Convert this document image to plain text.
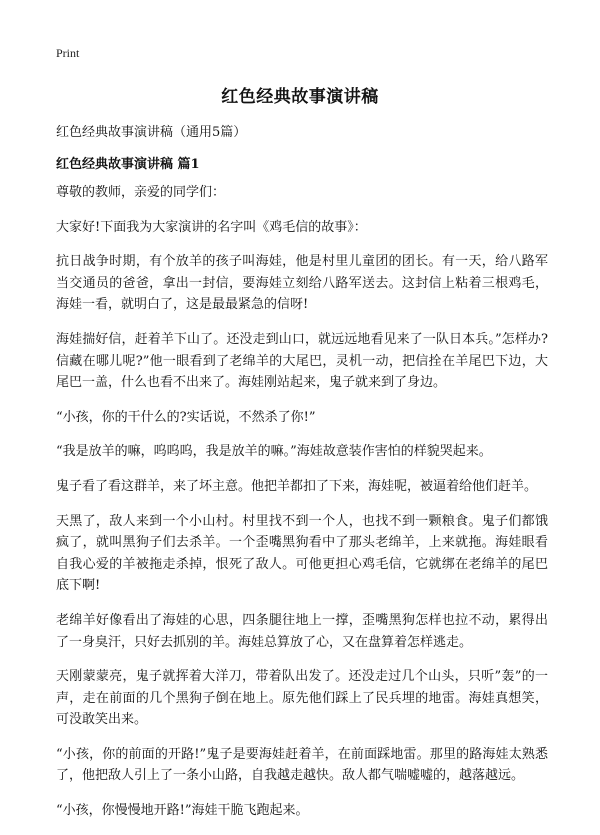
Print
红色经典故事演讲稿
红色经典故事演讲稿（通用5篇）
红色经典故事演讲稿 篇1

尊敬的教师，亲爱的同学们：

大家好!下面我为大家演讲的名字叫《鸡毛信的故事》：

抗日战争时期，有个放羊的孩子叫海娃，他是村里儿童团的团长。有一天，给八路军当交通员的爸爸，拿出一封信，要海娃立刻给八路军送去。这封信上粘着三根鸡毛，海娃一看，就明白了，这是最最紧急的信呀!

海娃揣好信，赶着羊下山了。还没走到山口，就远远地看见来了一队日本兵。”怎样办?信藏在哪儿呢?”他一眼看到了老绵羊的大尾巴，灵机一动，把信拴在羊尾巴下边，大尾巴一盖，什么也看不出来了。海娃刚站起来，鬼子就来到了身边。

“小孩，你的干什么的?实话说，不然杀了你!”

“我是放羊的嘛，呜呜呜，我是放羊的嘛。”海娃故意装作害怕的样貌哭起来。

鬼子看了看这群羊，来了坏主意。他把羊都扣了下来，海娃呢，被逼着给他们赶羊。

天黑了，敌人来到一个小山村。村里找不到一个人，也找不到一颗粮食。鬼子们都饿疯了，就叫黑狗子们去杀羊。一个歪嘴黑狗看中了那头老绵羊，上来就拖。海娃眼看自我心爱的羊被拖走杀掉，恨死了敌人。可他更担心鸡毛信，它就绑在老绵羊的尾巴底下啊!

老绵羊好像看出了海娃的心思，四条腿往地上一撑，歪嘴黑狗怎样也拉不动，累得出了一身臭汗，只好去抓别的羊。海娃总算放了心，又在盘算着怎样逃走。

天刚蒙蒙亮，鬼子就挥着大洋刀，带着队出发了。还没走过几个山头，只听”轰”的一声，走在前面的几个黑狗子倒在地上。原先他们踩上了民兵埋的地雷。海娃真想笑，可没敢笑出来。

“小孩，你的前面的开路!”鬼子是要海娃赶着羊，在前面踩地雷。那里的路海娃太熟悉了，他把敌人引上了一条小山路，自我越走越快。敌人都气喘嘘嘘的，越落越远。

“小孩，你慢慢地开路!”海娃干脆飞跑起来。
